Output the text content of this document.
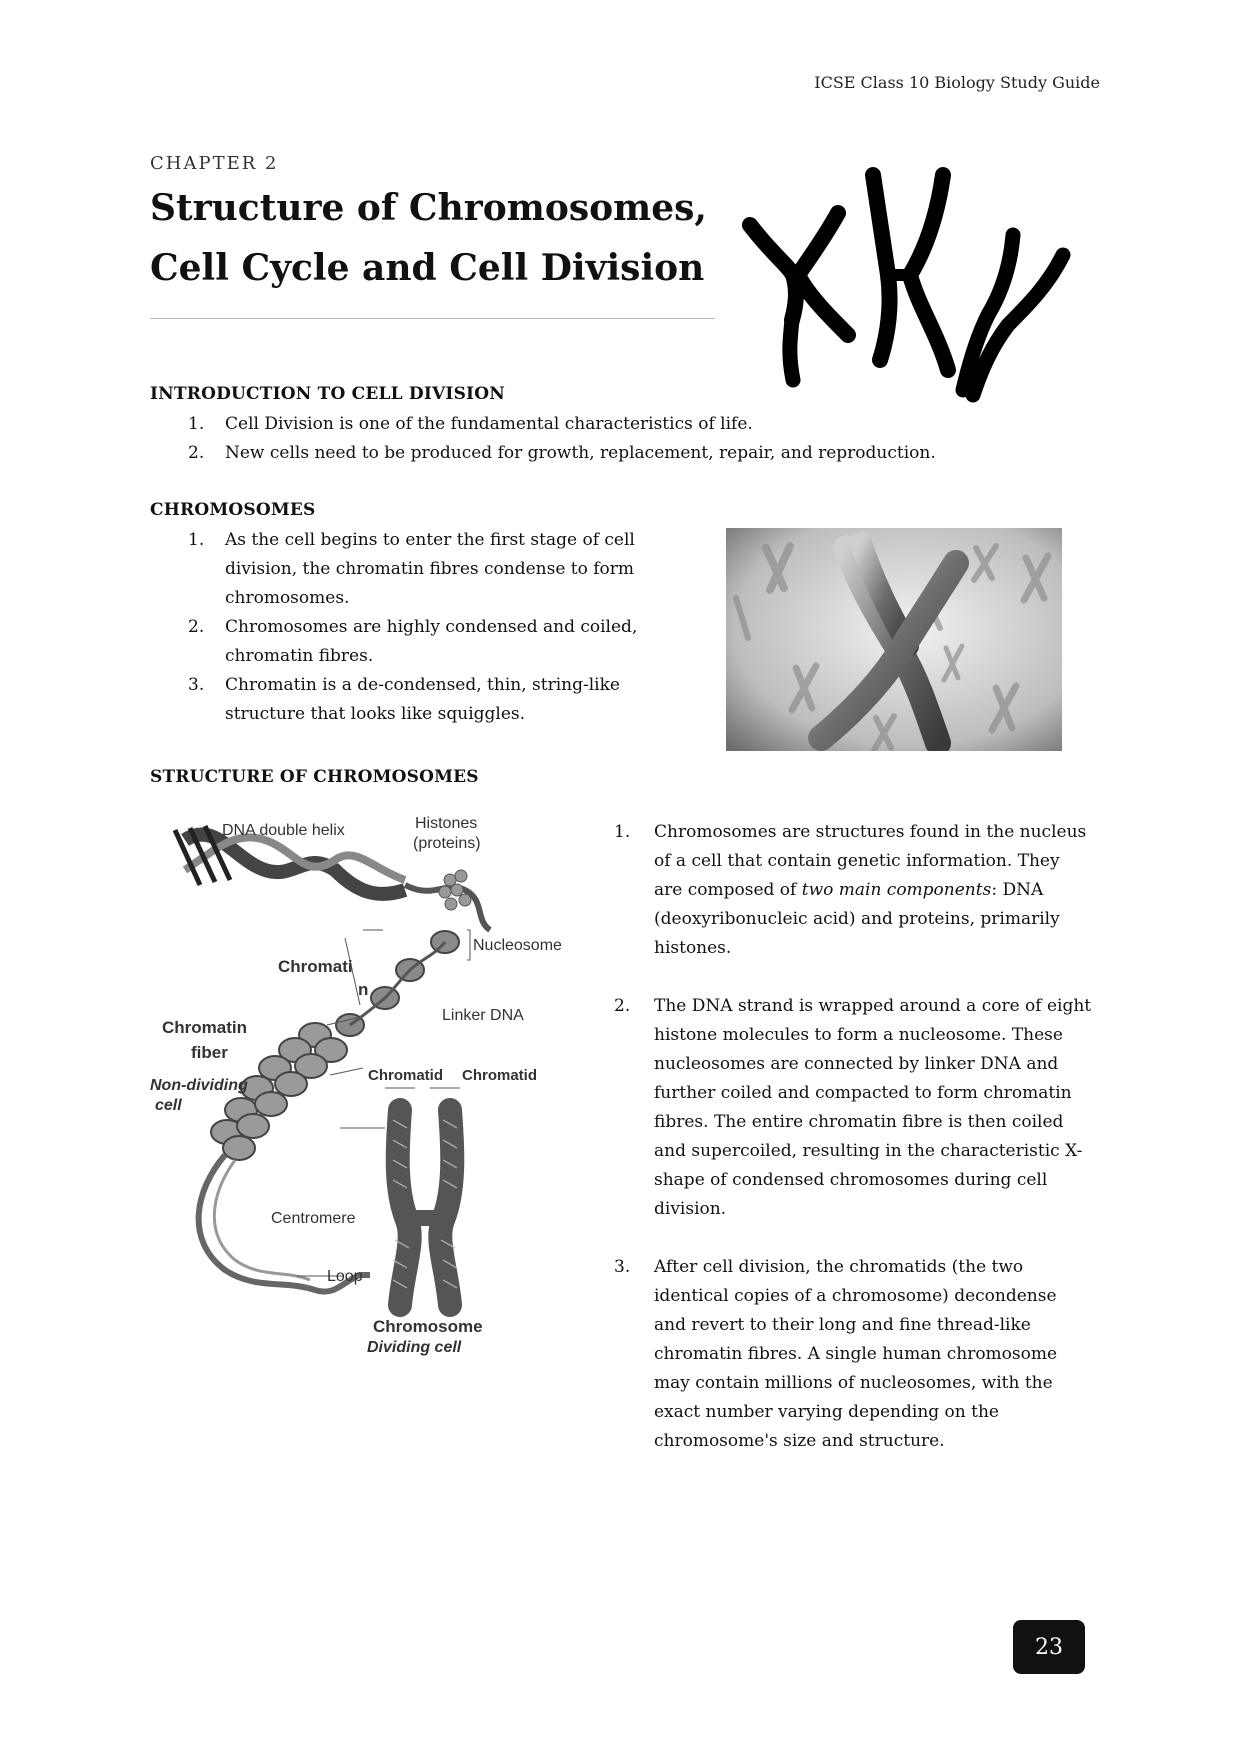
ICSE Class 10 Biology Study Guide
CHAPTER 2
Structure of Chromosomes, Cell Cycle and Cell Division
INTRODUCTION TO CELL DIVISION
1. Cell Division is one of the fundamental characteristics of life.
2. New cells need to be produced for growth, replacement, repair, and reproduction.
CHROMOSOMES
1. As the cell begins to enter the first stage of cell division, the chromatin fibres condense to form chromosomes.
2. Chromosomes are highly condensed and coiled, chromatin fibres.
3. Chromatin is a de-condensed, thin, string-like structure that looks like squiggles.
STRUCTURE OF CHROMOSOMES
DNA double helix	Histones
(proteins)
Nucleosome
Chromati
n
Linker DNA
Chromatin
fiber
Non-dividing
cell
Chromatid Chromatid
Centromere
Loop
Chromosome
Dividing cell
1. Chromosomes are structures found in the nucleus of a cell that contain genetic information. They are composed of two main components: DNA (deoxyribonucleic acid) and proteins, primarily histones.
2. The DNA strand is wrapped around a core of eight histone molecules to form a nucleosome. These nucleosomes are connected by linker DNA and further coiled and compacted to form chromatin fibres. The entire chromatin fibre is then coiled and supercoiled, resulting in the characteristic X-shape of condensed chromosomes during cell division.
3. After cell division, the chromatids (the two identical copies of a chromosome) decondense and revert to their long and fine thread-like chromatin fibres. A single human chromosome may contain millions of nucleosomes, with the exact number varying depending on the chromosome's size and structure.
23
